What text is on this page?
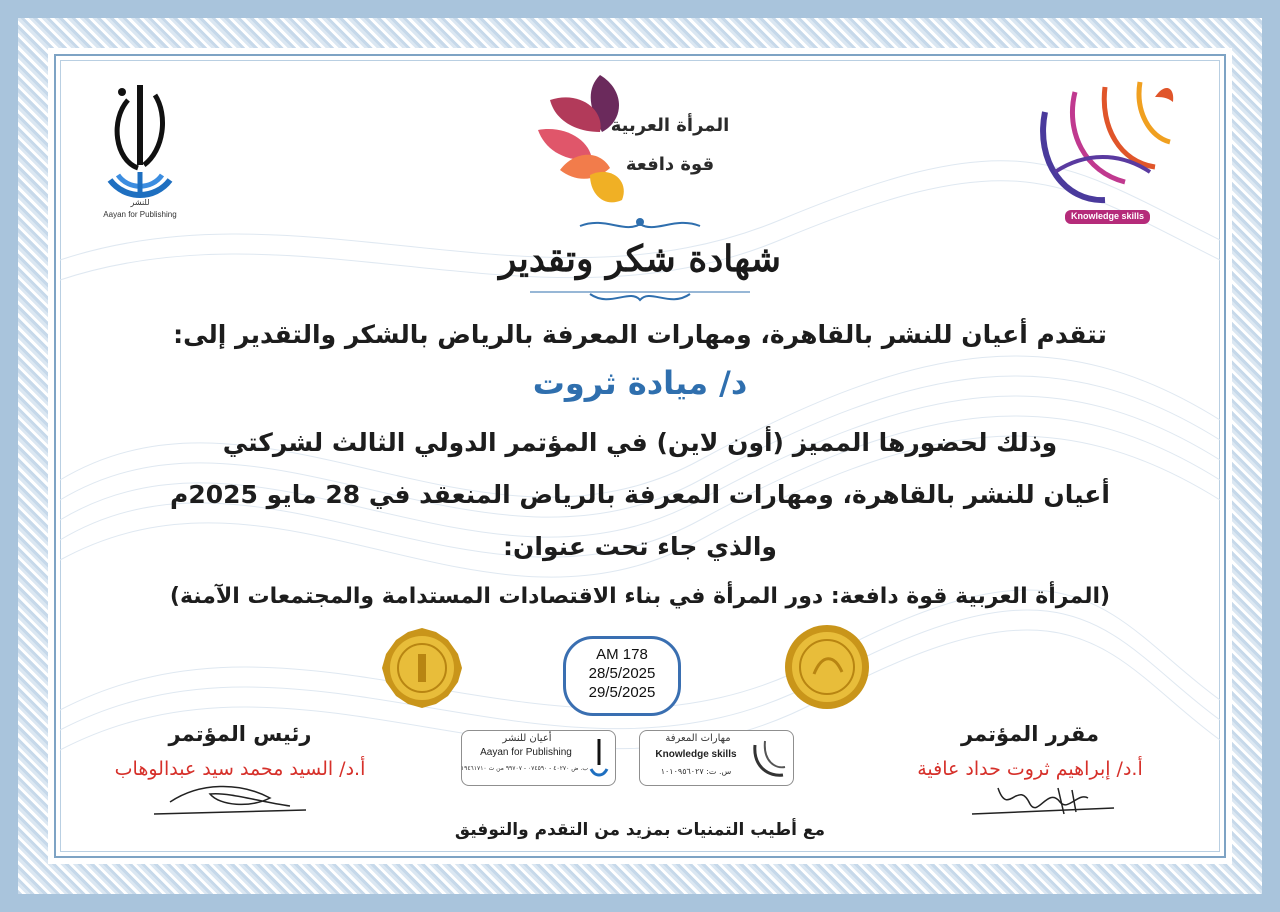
للنشر
Aayan for Publishing
المرأة العربية
قوة دافعة
Knowledge skills
شهادة شكر وتقدير
تتقدم أعيان للنشر بالقاهرة، ومهارات المعرفة بالرياض بالشكر والتقدير إلى:
د/ ميادة ثروت
وذلك لحضورها المميز (أون لاين) في المؤتمر الدولي الثالث لشركتي
أعيان للنشر بالقاهرة، ومهارات المعرفة بالرياض المنعقد في 28 مايو 2025م
والذي جاء تحت عنوان:
(المرأة العربية قوة دافعة: دور المرأة في بناء الاقتصادات المستدامة والمجتمعات الآمنة)
AM 178
28/5/2025
29/5/2025
أعيان للنشر
Aayan for Publishing
ب. ض ٤٠٢٧٠ - ٠٧٤٥٩٠ - ٩٩٧٠٧ من ت ١٩٤٦١٧١٠
مهارات المعرفة
Knowledge skills
س. ت: ١٠١٠٩٥٦٠٢٧
مقرر المؤتمر
أ.د/ إبراهيم ثروت حداد عافية
رئيس المؤتمر
أ.د/ السيد محمد سيد عبدالوهاب
مع أطيب التمنيات بمزيد من التقدم والتوفيق
